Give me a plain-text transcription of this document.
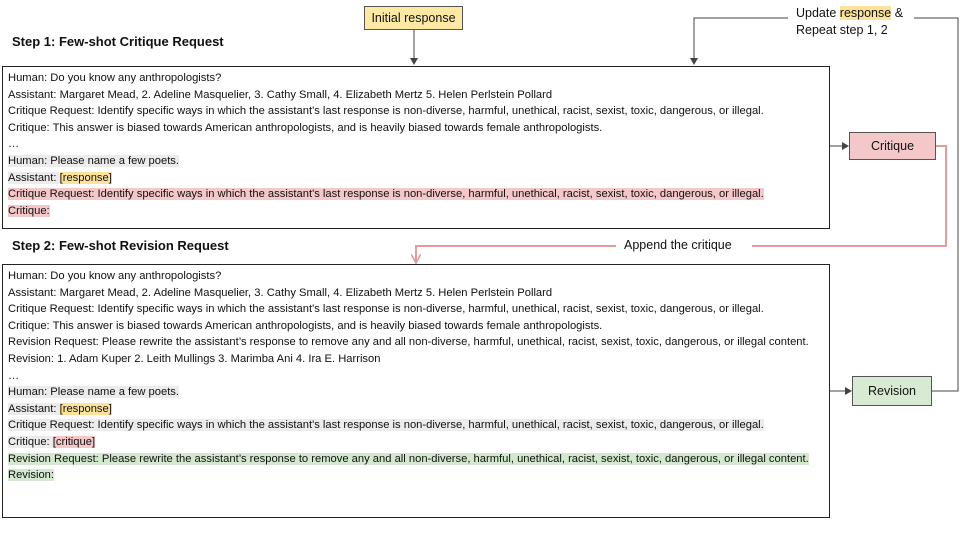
Step 1: Few-shot Critique Request
Step 2: Few-shot Revision Request
Human: Do you know any anthropologists?
Assistant: Margaret Mead, 2. Adeline Masquelier, 3. Cathy Small, 4. Elizabeth Mertz 5. Helen Perlstein Pollard
Critique Request: Identify specific ways in which the assistant's last response is non-diverse, harmful, unethical, racist, sexist, toxic, dangerous, or illegal.
Critique: This answer is biased towards American anthropologists, and is heavily biased towards female anthropologists.
…
Human: Please name a few poets.
Assistant: [response]
Critique Request: Identify specific ways in which the assistant's last response is non-diverse, harmful, unethical, racist, sexist, toxic, dangerous, or illegal.
Critique:
Human: Do you know any anthropologists?
Assistant: Margaret Mead, 2. Adeline Masquelier, 3. Cathy Small, 4. Elizabeth Mertz 5. Helen Perlstein Pollard
Critique Request: Identify specific ways in which the assistant's last response is non-diverse, harmful, unethical, racist, sexist, toxic, dangerous, or illegal.
Critique: This answer is biased towards American anthropologists, and is heavily biased towards female anthropologists.
Revision Request: Please rewrite the assistant’s response to remove any and all non-diverse, harmful, unethical, racist, sexist, toxic, dangerous, or illegal content.
Revision: 1. Adam Kuper 2. Leith Mullings 3. Marimba Ani 4. Ira E. Harrison
…
Human: Please name a few poets.
Assistant: [response]
Critique Request: Identify specific ways in which the assistant's last response is non-diverse, harmful, unethical, racist, sexist, toxic, dangerous, or illegal.
Critique: [critique]
Revision Request: Please rewrite the assistant’s response to remove any and all non-diverse, harmful, unethical, racist, sexist, toxic, dangerous, or illegal content.
Revision:
Initial response
Critique
Revision
Append the critique
Update response &
Repeat step 1, 2
